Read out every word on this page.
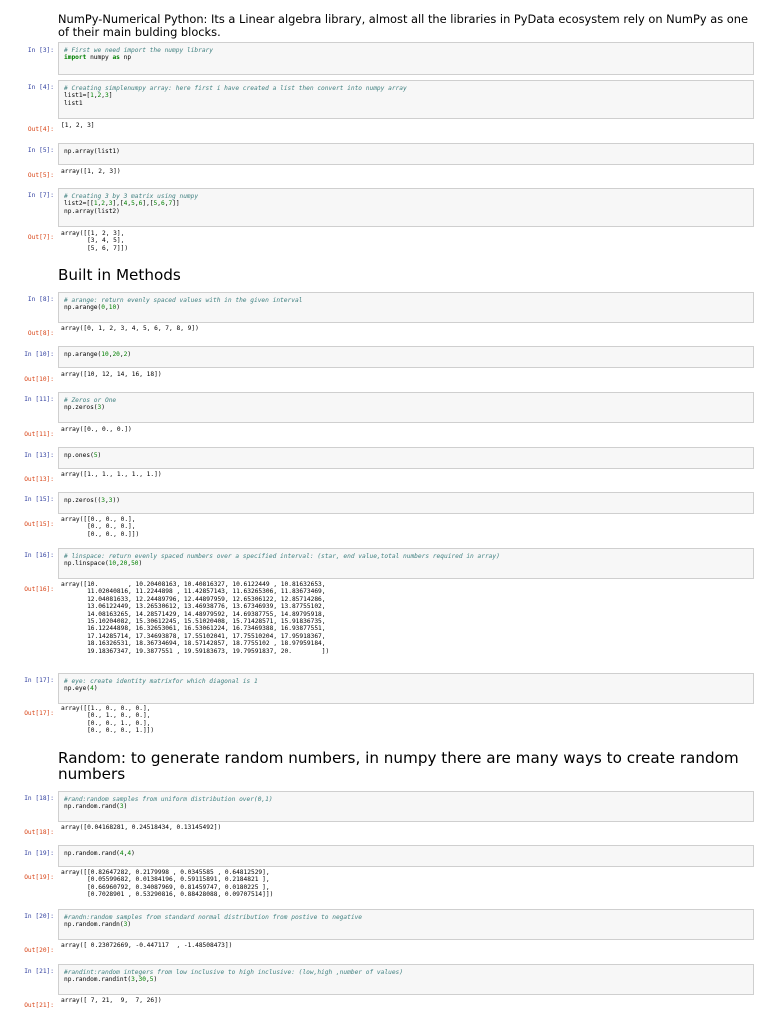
NumPy-Numerical Python: Its a Linear algebra library, almost all the libraries in PyData ecosystem rely on NumPy as one of their main bulding blocks.
In [3]: # First we need import the numpy library
import numpy as np
In [4]: # Creating simplenumpy array: here first i have created a list then convert into numpy array
list1=[1,2,3]
list1
Out[4]:
[1, 2, 3]
In [5]: np.array(list1)
Out[5]:
array([1, 2, 3])
In [7]: # Creating 3 by 3 matrix using numpy
list2=[[1,2,3],[4,5,6],[5,6,7]]
np.array(list2)
Out[7]:
array([[1, 2, 3],
[3, 4, 5],
[5, 6, 7]])
Built in Methods
In [8]: # arange: return evenly spaced values with in the given interval
np.arange(0,10)
Out[8]:
array([0, 1, 2, 3, 4, 5, 6, 7, 8, 9])
In [10]: np.arange(10,20,2)
Out[10]:
array([10, 12, 14, 16, 18])
In [11]: # Zeros or One
np.zeros(3)
Out[11]:
array([0., 0., 0.])
In [13]: np.ones(5)
Out[13]:
array([1., 1., 1., 1., 1.])
In [15]: np.zeros((3,3))
Out[15]:
array([[0., 0., 0.],
[0., 0., 0.],
[0., 0., 0.]])
In [16]: # linspace: return evenly spaced numbers over a specified interval: (star, end value,total numbers required in array)
np.linspace(10,20,50)
Out[16]:
array([10.        , 10.20408163, 10.40816327, 10.6122449 , 10.81632653,
11.02040816, 11.2244898 , 11.42857143, 11.63265306, 11.83673469,
12.04081633, 12.24489796, 12.44897959, 12.65306122, 12.85714286,
13.06122449, 13.26530612, 13.46938776, 13.67346939, 13.87755102,
14.08163265, 14.28571429, 14.48979592, 14.69387755, 14.89795918,
15.10204082, 15.30612245, 15.51020408, 15.71428571, 15.91836735,
16.12244898, 16.32653061, 16.53061224, 16.73469388, 16.93877551,
17.14285714, 17.34693878, 17.55102041, 17.75510204, 17.95918367,
18.16326531, 18.36734694, 18.57142857, 18.7755102 , 18.97959184,
19.18367347, 19.3877551 , 19.59183673, 19.79591837, 20.        ])
In [17]: # eye: create identity matrixfor which diagonal is 1
np.eye(4)
Out[17]:
array([[1., 0., 0., 0.],
[0., 1., 0., 0.],
[0., 0., 1., 0.],
[0., 0., 0., 1.]])
Random: to generate random numbers, in numpy there are many ways to create random numbers
In [18]: #rand:random samples from uniform distribution over(0,1)
np.random.rand(3)
Out[18]:
array([0.04168281, 0.24518434, 0.13145492])
In [19]: np.random.rand(4,4)
Out[19]:
array([[0.82647282, 0.2179998 , 0.0345585 , 0.64812529],
[0.05599682, 0.01384196, 0.59115891, 0.2184821 ],
[0.66960792, 0.34087969, 0.81459747, 0.0180225 ],
[0.7028901 , 0.53290816, 0.88428088, 0.09707514]])
In [20]: #randn:random samples from standard normal distribution from postive to negative
np.random.randn(3)
Out[20]:
array([ 0.23072669, -0.447117  , -1.48508473])
In [21]: #randint:random integers from low inclusive to high inclusive: (low,high ,number of values)
np.random.randint(3,30,5)
Out[21]:
array([ 7, 21,  9,  7, 26])
